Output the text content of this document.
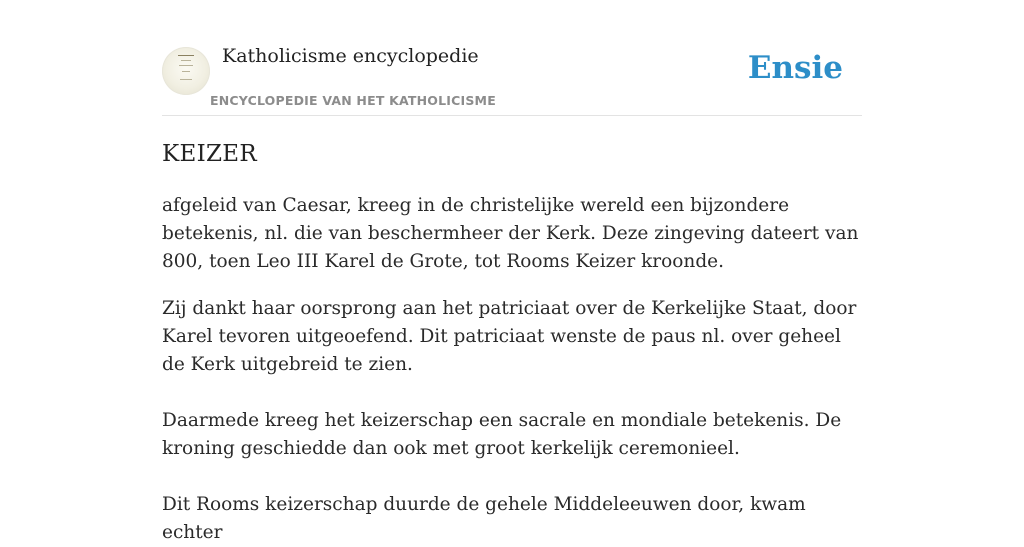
Katholicisme encyclopedie
ENCYCLOPEDIE VAN HET KATHOLICISME
Ensie
KEIZER

afgeleid van Caesar, kreeg in de christelijke wereld een bijzondere betekenis, nl. die van beschermheer der Kerk. Deze zingeving dateert van 800, toen Leo III Karel de Grote, tot Rooms Keizer kroonde.

Zij dankt haar oorsprong aan het patriciaat over de Kerkelijke Staat, door Karel tevoren uitgeoefend. Dit patriciaat wenste de paus nl. over geheel de Kerk uitgebreid te zien.

Daarmede kreeg het keizerschap een sacrale en mondiale betekenis. De kroning geschiedde dan ook met groot kerkelijk ceremonieel.

Dit Rooms keizerschap duurde de gehele Middeleeuwen door, kwam echter
